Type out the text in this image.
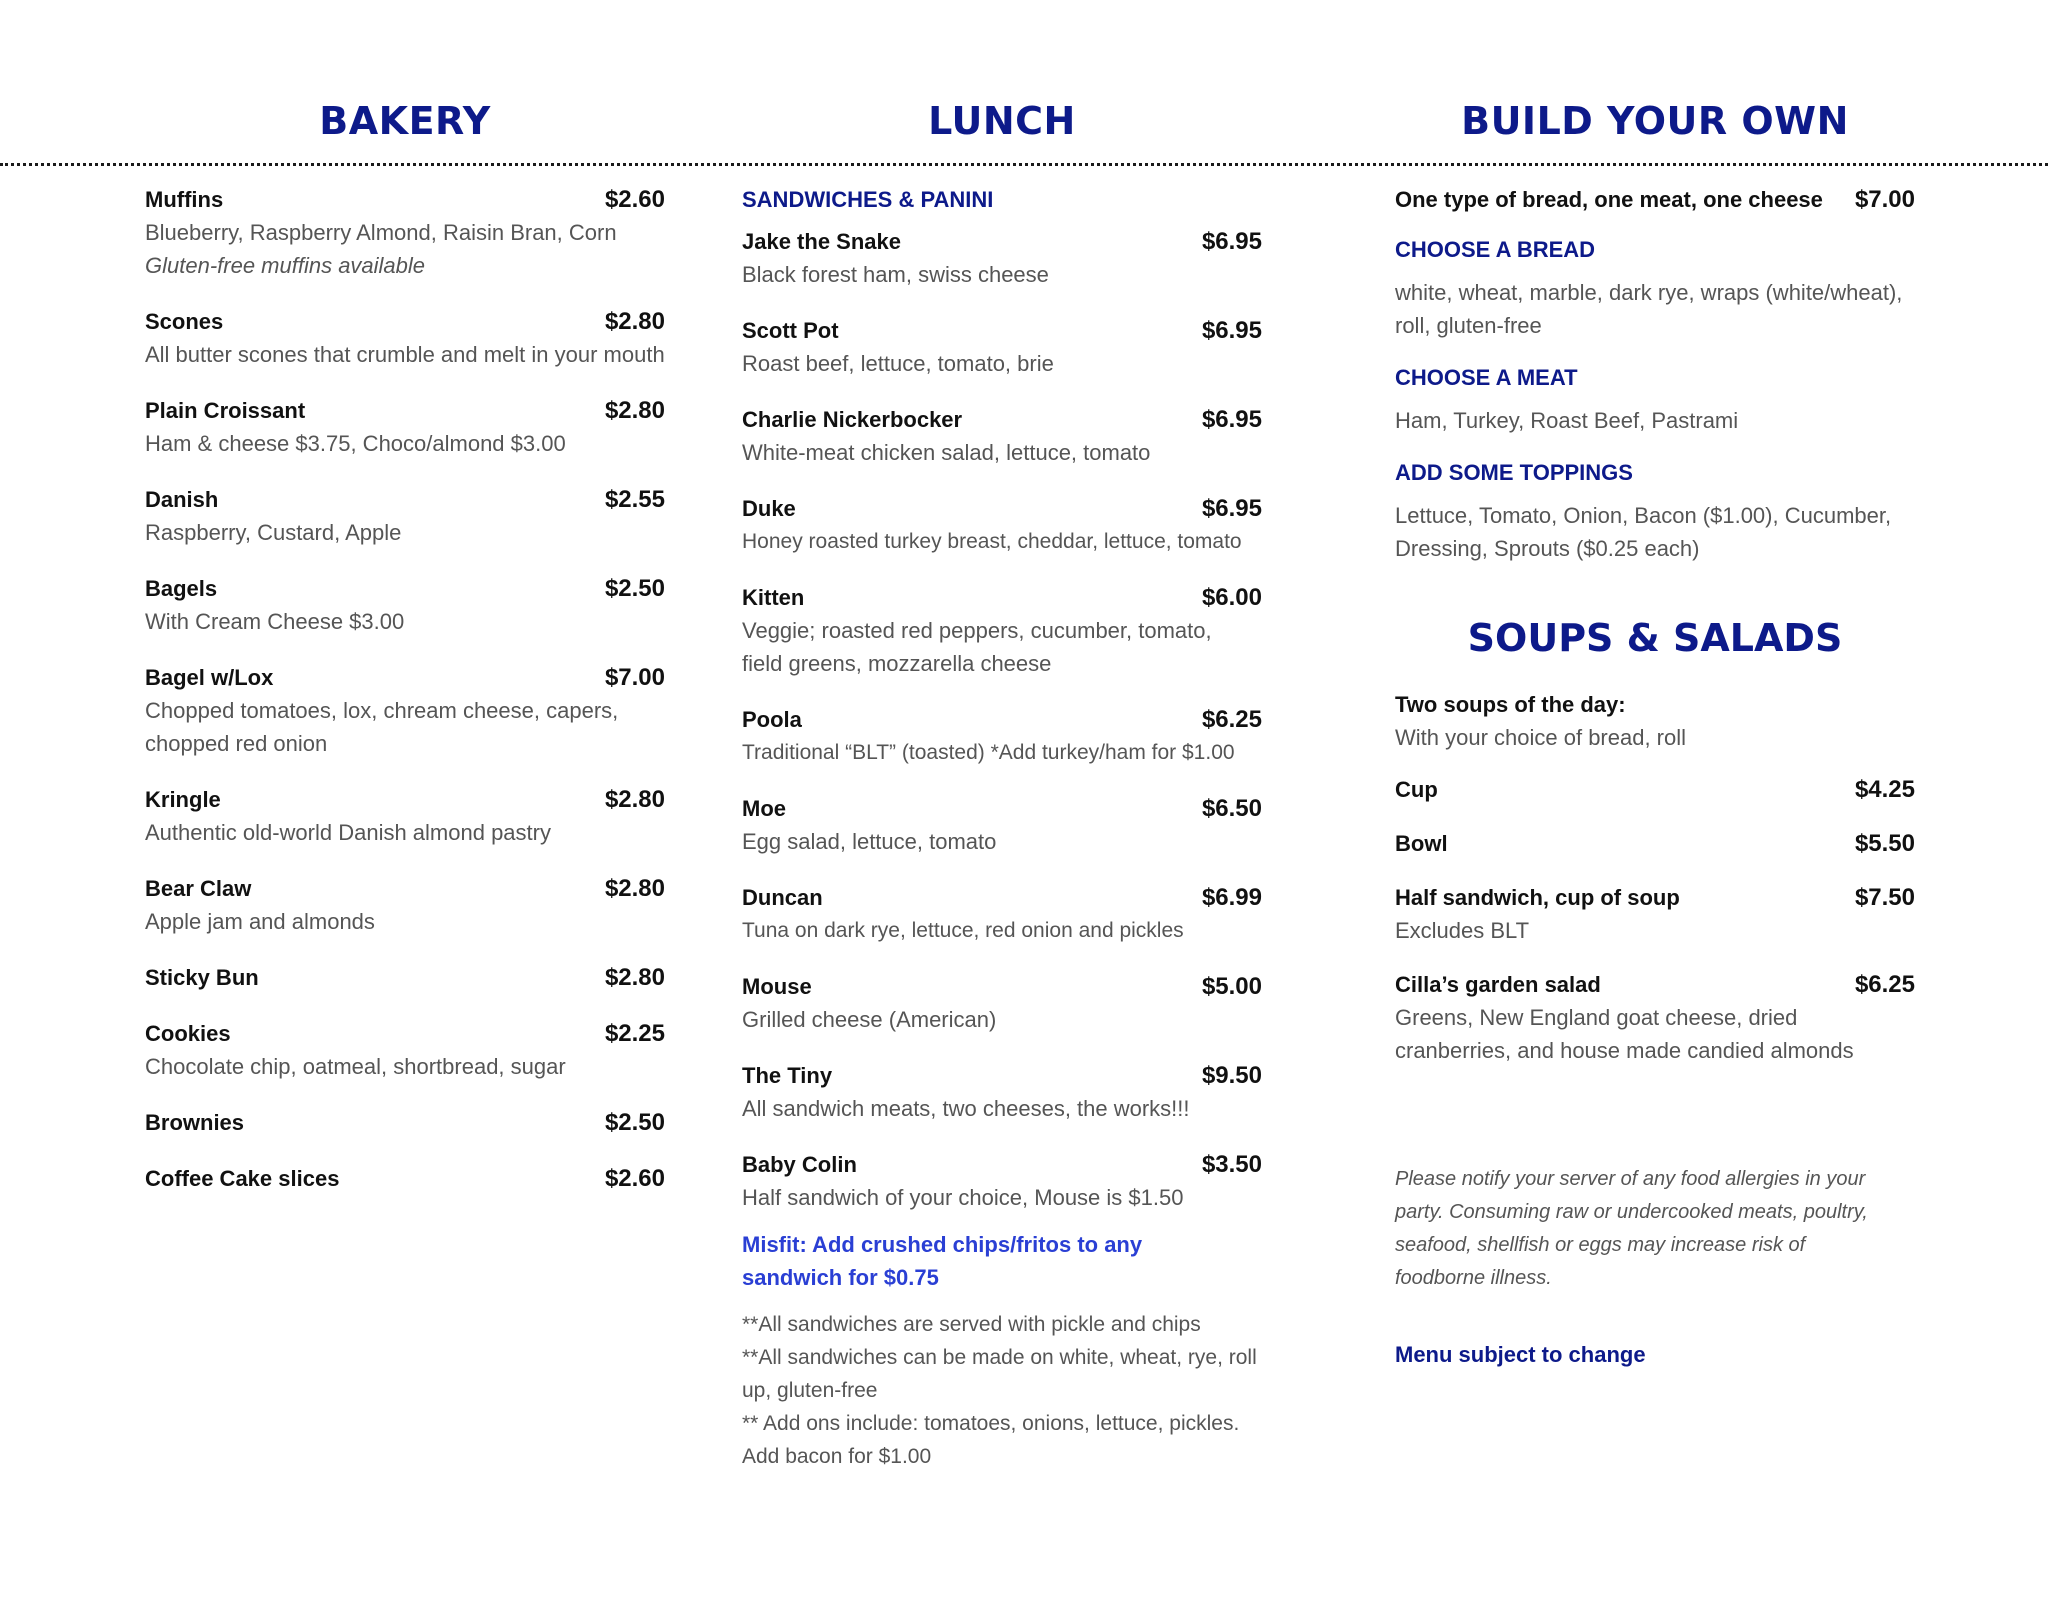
BAKERY	LUNCH	BUILD YOUR OWN
Muffins	$2.60
Blueberry, Raspberry Almond, Raisin Bran, Corn
Gluten-free muffins available
Scones	$2.80
All butter scones that crumble and melt in your mouth
Plain Croissant	$2.80
Ham & cheese $3.75, Choco/almond $3.00
Danish	$2.55
Raspberry, Custard, Apple
Bagels	$2.50
With Cream Cheese $3.00
Bagel w/Lox	$7.00
Chopped tomatoes, lox, chream cheese, capers, chopped red onion
Kringle	$2.80
Authentic old-world Danish almond pastry
Bear Claw	$2.80
Apple jam and almonds
Sticky Bun	$2.80
Cookies	$2.25
Chocolate chip, oatmeal, shortbread, sugar
Brownies	$2.50
Coffee Cake slices	$2.60
SANDWICHES & PANINI
Jake the Snake	$6.95
Black forest ham, swiss cheese
Scott Pot	$6.95
Roast beef, lettuce, tomato, brie
Charlie Nickerbocker	$6.95
White-meat chicken salad, lettuce, tomato
Duke	$6.95
Honey roasted turkey breast, cheddar, lettuce, tomato
Kitten	$6.00
Veggie; roasted red peppers, cucumber, tomato, field greens, mozzarella cheese
Poola	$6.25
Traditional “BLT” (toasted) *Add turkey/ham for $1.00
Moe	$6.50
Egg salad, lettuce, tomato
Duncan	$6.99
Tuna on dark rye, lettuce, red onion and pickles
Mouse	$5.00
Grilled cheese (American)
The Tiny	$9.50
All sandwich meats, two cheeses, the works!!!
Baby Colin	$3.50
Half sandwich of your choice, Mouse is $1.50
Misfit: Add crushed chips/fritos to any sandwich for $0.75
**All sandwiches are served with pickle and chips
**All sandwiches can be made on white, wheat, rye, roll up, gluten-free
** Add ons include: tomatoes, onions, lettuce, pickles. Add bacon for $1.00
One type of bread, one meat, one cheese $7.00
CHOOSE A BREAD
white, wheat, marble, dark rye, wraps (white/wheat), roll, gluten-free
CHOOSE A MEAT
Ham, Turkey, Roast Beef, Pastrami
ADD SOME TOPPINGS
Lettuce, Tomato, Onion, Bacon ($1.00), Cucumber, Dressing, Sprouts ($0.25 each)
SOUPS & SALADS
Two soups of the day:
With your choice of bread, roll
Cup	$4.25
Bowl	$5.50
Half sandwich, cup of soup	$7.50
Excludes BLT
Cilla’s garden salad	$6.25
Greens, New England goat cheese, dried cranberries, and house made candied almonds
Please notify your server of any food allergies in your party. Consuming raw or undercooked meats, poultry, seafood, shellfish or eggs may increase risk of foodborne illness.
Menu subject to change
